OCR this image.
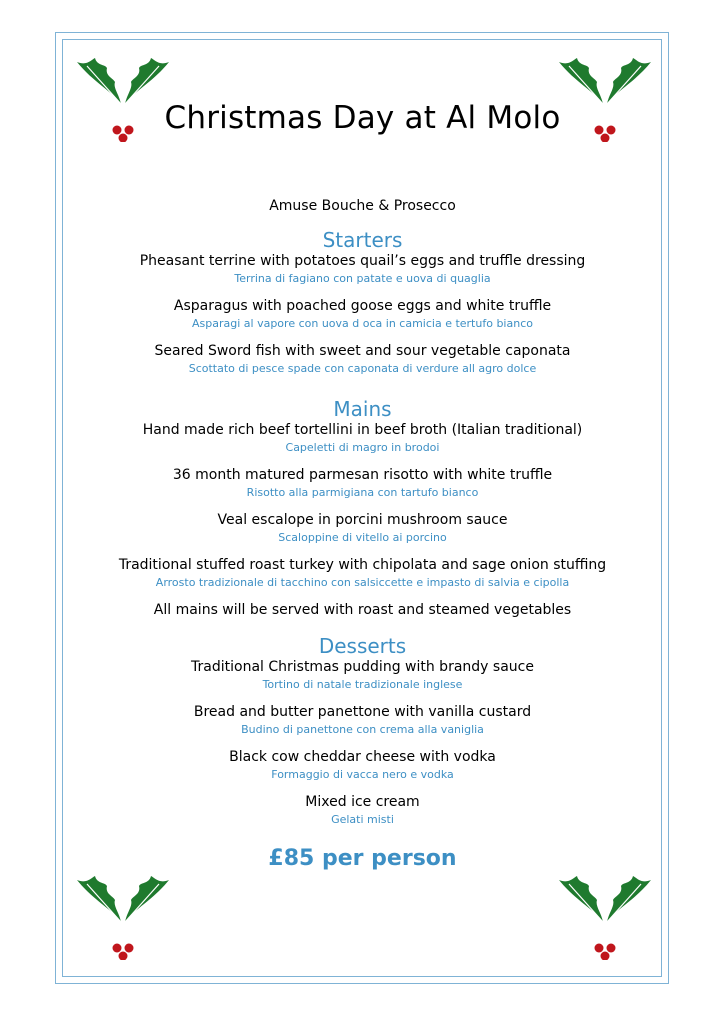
Christmas Day at Al Molo
Amuse Bouche & Prosecco
Starters
Pheasant terrine with potatoes quail’s eggs and truffle dressing
Terrina di fagiano con patate e uova di quaglia
Asparagus with poached goose eggs and white truffle
Asparagi al vapore con uova d oca in camicia e tertufo bianco
Seared Sword fish with sweet and sour vegetable caponata
Scottato di pesce spade con caponata di verdure all agro dolce
Mains
Hand made rich beef tortellini in beef broth (Italian traditional)
Capeletti di magro in brodoi
36 month matured parmesan risotto with white truffle
Risotto alla parmigiana con tartufo bianco
Veal escalope in porcini mushroom sauce
Scaloppine di vitello ai porcino
Traditional stuffed roast turkey with chipolata and sage onion stuffing
Arrosto tradizionale di tacchino con salsiccette e impasto di salvia e cipolla
All mains will be served with roast and steamed vegetables
Desserts
Traditional Christmas pudding with brandy sauce
Tortino di natale tradizionale inglese
Bread and butter panettone with vanilla custard
Budino di panettone con crema alla vaniglia
Black cow cheddar cheese with vodka
Formaggio di vacca nero e vodka
Mixed ice cream
Gelati misti
£85 per person
